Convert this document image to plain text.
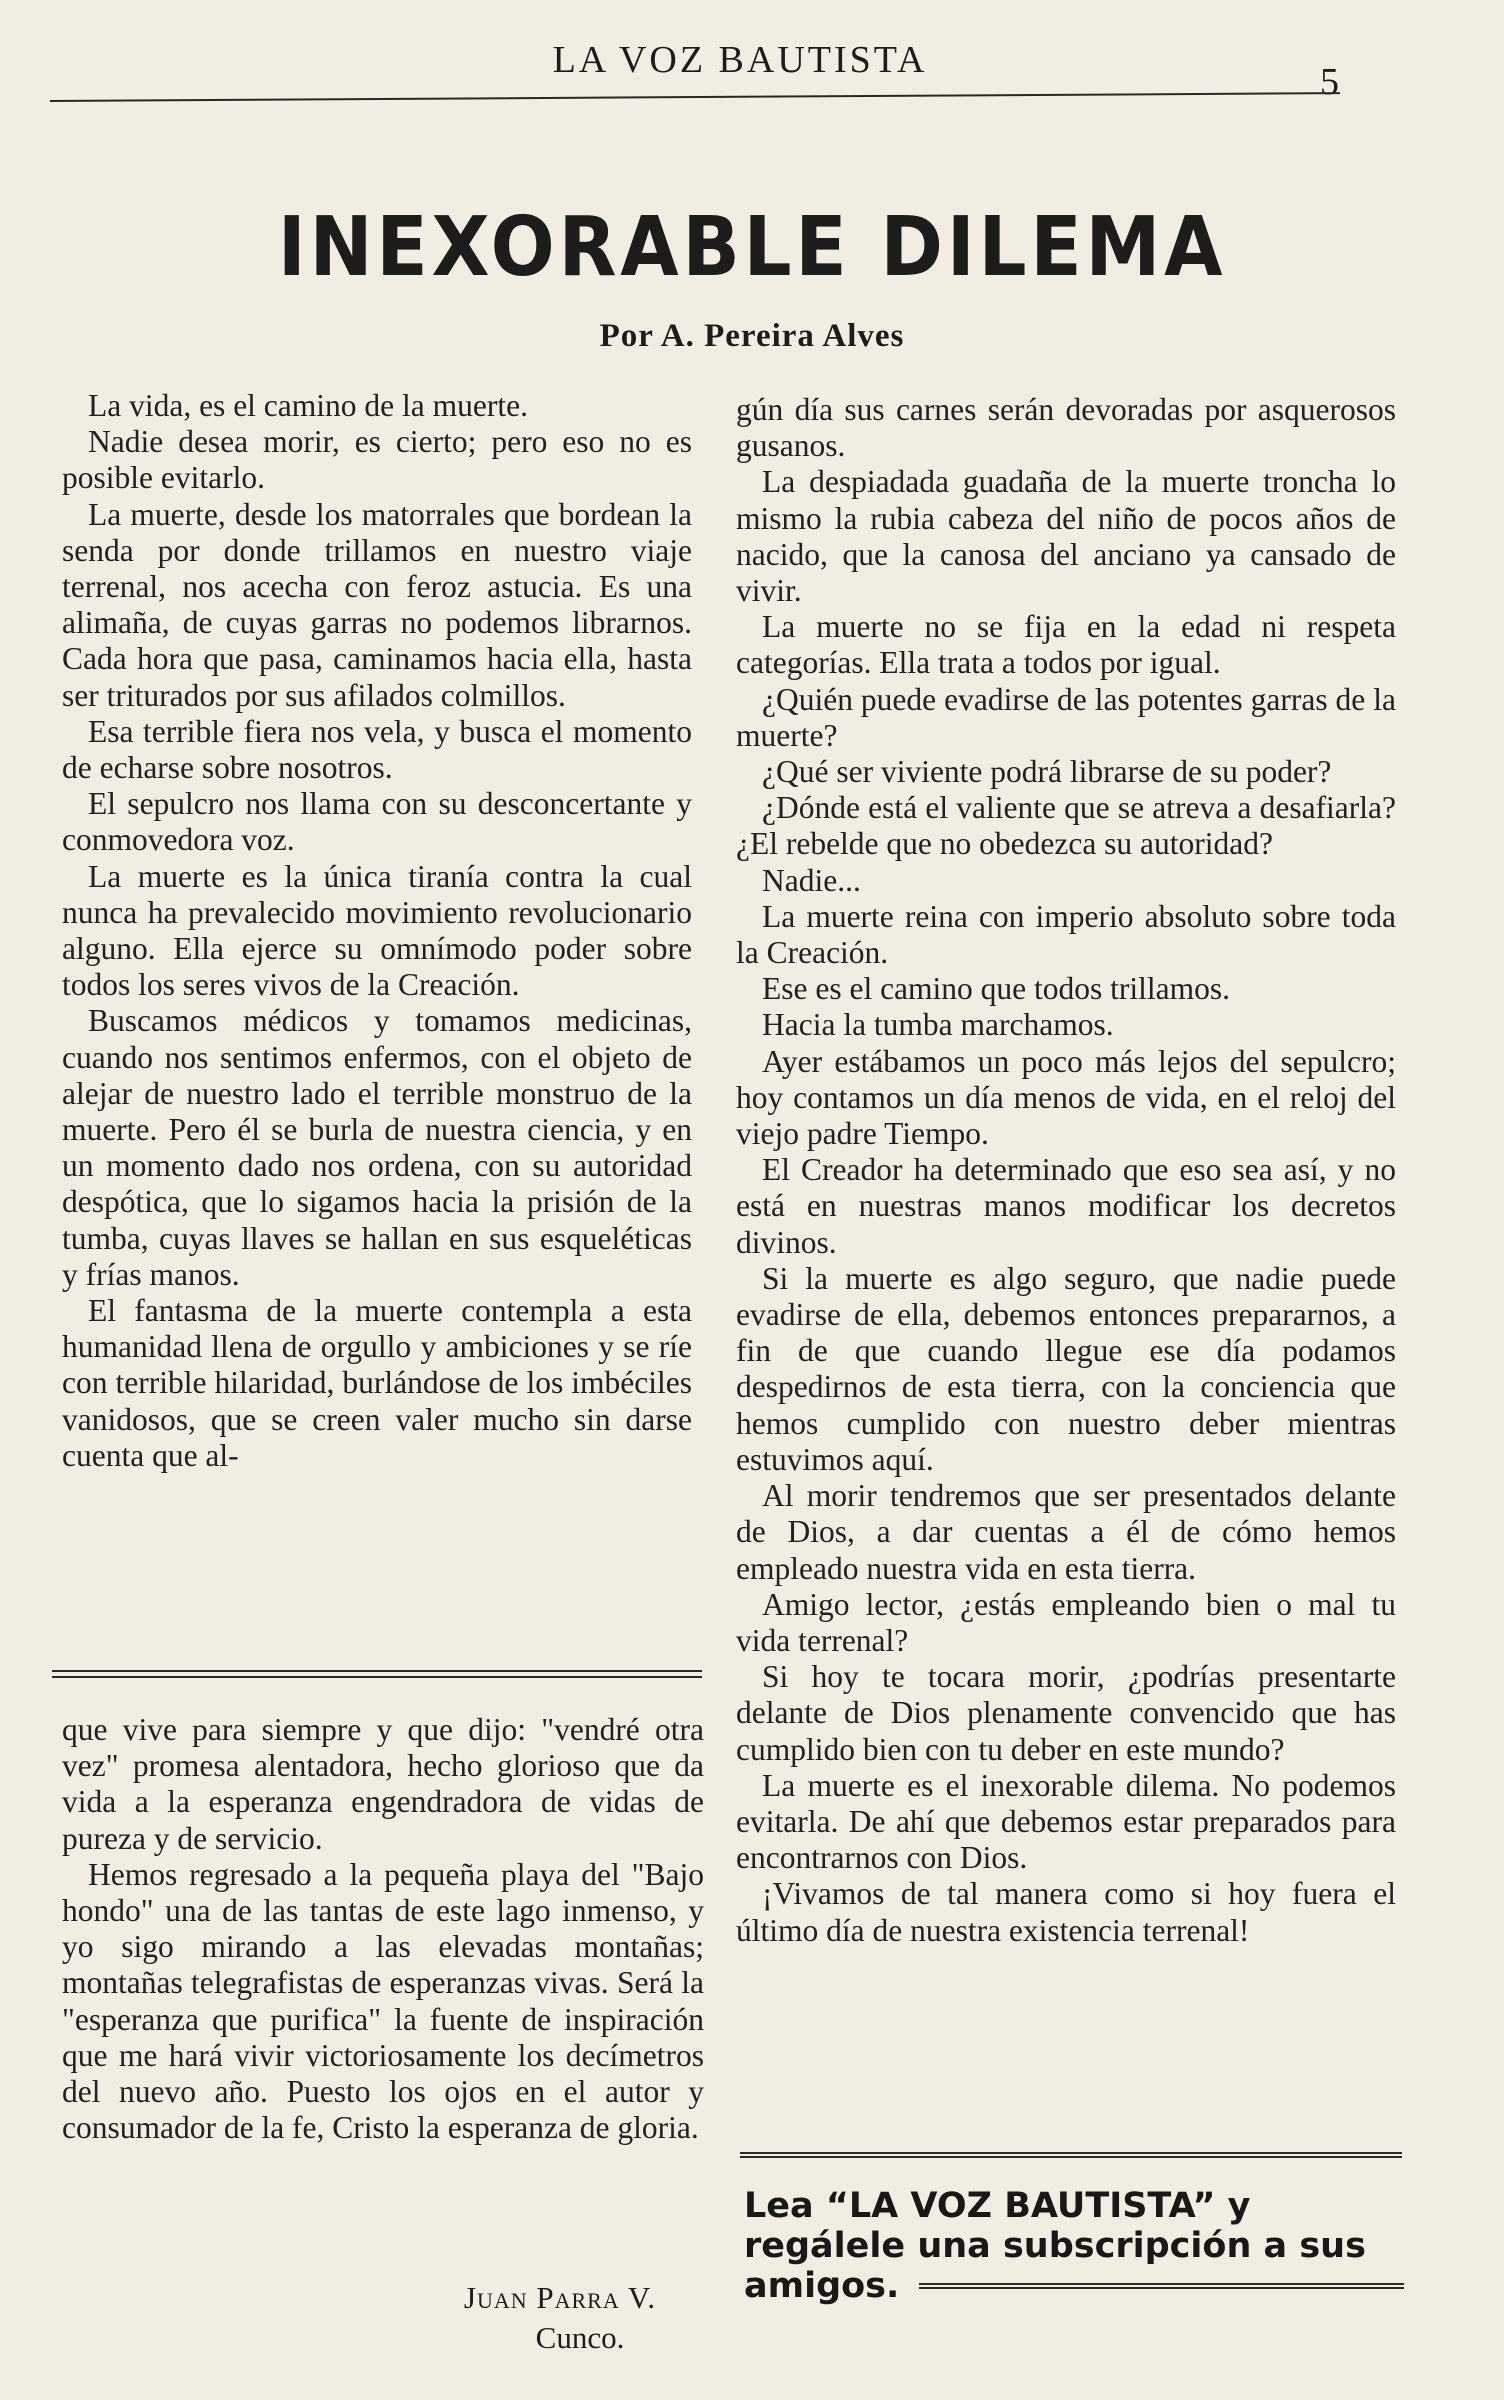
LA VOZ BAUTISTA
5
INEXORABLE DILEMA
Por A. Pereira Alves

La vida, es el camino de la muerte.

Nadie desea morir, es cierto; pero eso no es posible evitarlo.

La muerte, desde los matorrales que bordean la senda por donde trillamos en nuestro viaje terrenal, nos acecha con feroz astucia. Es una alimaña, de cuyas garras no podemos librarnos. Cada hora que pasa, caminamos hacia ella, hasta ser triturados por sus afilados colmillos.

Esa terrible fiera nos vela, y busca el momento de echarse sobre nosotros.

El sepulcro nos llama con su desconcertante y conmovedora voz.

La muerte es la única tiranía contra la cual nunca ha prevalecido movimiento revolucionario alguno. Ella ejerce su omnímodo poder sobre todos los seres vivos de la Creación.

Buscamos médicos y tomamos medicinas, cuando nos sentimos enfermos, con el objeto de alejar de nuestro lado el terrible monstruo de la muerte. Pero él se burla de nuestra ciencia, y en un momento dado nos ordena, con su autoridad despótica, que lo sigamos hacia la prisión de la tumba, cuyas llaves se hallan en sus esqueléticas y frías manos.

El fantasma de la muerte contempla a esta humanidad llena de orgullo y ambiciones y se ríe con terrible hilaridad, burlándose de los imbéciles vanidosos, que se creen valer mucho sin darse cuenta que al-

que vive para siempre y que dijo: "vendré otra vez" promesa alentadora, hecho glorioso que da vida a la esperanza engendradora de vidas de pureza y de servicio.

Hemos regresado a la pequeña playa del "Bajo hondo" una de las tantas de este lago inmenso, y yo sigo mirando a las elevadas montañas; montañas telegrafistas de esperanzas vivas. Será la "esperanza que purifica" la fuente de inspiración que me hará vivir victoriosamente los decímetros del nuevo año. Puesto los ojos en el autor y consumador de la fe, Cristo la esperanza de gloria.

Juan Parra V.
Cunco.

gún día sus carnes serán devoradas por asquerosos gusanos.

La despiadada guadaña de la muerte troncha lo mismo la rubia cabeza del niño de pocos años de nacido, que la canosa del anciano ya cansado de vivir.

La muerte no se fija en la edad ni respeta categorías. Ella trata a todos por igual.

¿Quién puede evadirse de las potentes garras de la muerte?

¿Qué ser viviente podrá librarse de su poder?

¿Dónde está el valiente que se atreva a desafiarla? ¿El rebelde que no obedezca su autoridad?

Nadie...

La muerte reina con imperio absoluto sobre toda la Creación.

Ese es el camino que todos trillamos.

Hacia la tumba marchamos.

Ayer estábamos un poco más lejos del sepulcro; hoy contamos un día menos de vida, en el reloj del viejo padre Tiempo.

El Creador ha determinado que eso sea así, y no está en nuestras manos modificar los decretos divinos.

Si la muerte es algo seguro, que nadie puede evadirse de ella, debemos entonces prepararnos, a fin de que cuando llegue ese día podamos despedirnos de esta tierra, con la conciencia que hemos cumplido con nuestro deber mientras estuvimos aquí.

Al morir tendremos que ser presentados delante de Dios, a dar cuentas a él de cómo hemos empleado nuestra vida en esta tierra.

Amigo lector, ¿estás empleando bien o mal tu vida terrenal?

Si hoy te tocara morir, ¿podrías presentarte delante de Dios plenamente convencido que has cumplido bien con tu deber en este mundo?

La muerte es el inexorable dilema. No podemos evitarla. De ahí que debemos estar preparados para encontrarnos con Dios.

¡Vivamos de tal manera como si hoy fuera el último día de nuestra existencia terrenal!

Lea “LA VOZ BAUTISTA” y
regálele una subscripción a sus
amigos.
